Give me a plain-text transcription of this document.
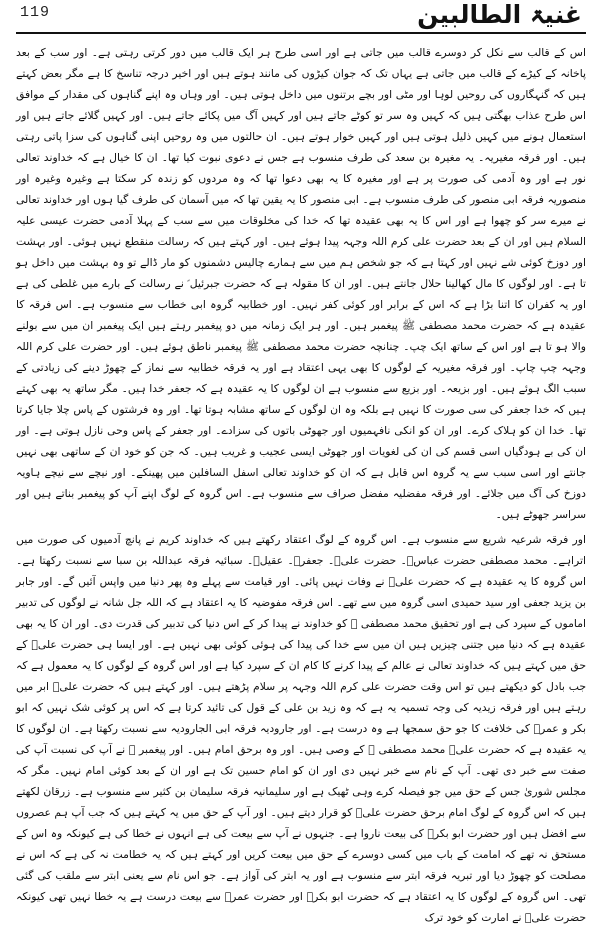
119	غنیۃ الطالبین

اس کے قالب سے نکل کر دوسرے قالب میں جاتی ہے اور اسی طرح ہر ایک قالب میں دور کرتی رہتی ہے۔ اور سب کے بعد پاخانہ کے کیڑے کے قالب میں جاتی ہے یہاں تک کہ جوان کیڑوں کی مانند ہوتے ہیں اور اخیر درجہ تناسخ کا ہے مگر بعض کہتے ہیں کہ گنہگاروں کی روحیں لوہا اور مٹی اور بچے برتنوں میں داخل ہوتی ہیں۔ اور وہاں وہ اپنے گناہوں کی مقدار کے موافق اس طرح عذاب بھگتی ہیں کہ کہیں وہ سر تو کوٹے جاتے ہیں اور کہیں آگ میں پکائے جاتے ہیں۔ اور کہیں گلائے جاتے ہیں اور استعمال ہونے میں کہیں ذلیل ہوتی ہیں اور کہیں خوار ہوتے ہیں۔ ان حالتوں میں وہ روحیں اپنی گناہوں کی سزا پاتی رہتی ہیں۔ اور فرقہ مغیریہ۔ یہ مغیرہ بن سعد کی طرف منسوب ہے جس نے دعوی نبوت کیا تھا۔ ان کا خیال ہے کہ خداوند تعالی نور ہے اور وہ آدمی کی صورت پر ہے اور مغیرہ کا یہ بھی دعوا تھا کہ وہ مردوں کو زندہ کر سکتا ہے وغیرہ وغیرہ اور منصوریہ فرقہ ابی منصور کی طرف منسوب ہے۔ ابی منصور کا یہ یقین تھا کہ میں آسمان کی طرف گیا ہوں اور خداوند تعالی نے میرے سر کو چھوا ہے اور اس کا یہ بھی عقیدہ تھا کہ خدا کی مخلوقات میں سے سب کے پہلا آدمی حضرت عیسی علیہ السلام ہیں اور ان کے بعد حضرت علی کرم اللہ وجہہ پیدا ہوئے ہیں۔ اور کہتے ہیں کہ رسالت منقطع نہیں ہوئی۔ اور بہشت اور دوزخ کوئی شے نہیں اور کہتا ہے کہ جو شخص ہم میں سے ہمارے چالیس دشمنوں کو مار ڈالے تو وہ بہشت میں داخل ہو تا ہے۔ اور لوگوں کا مال کھالینا حلال جانتے ہیں۔ اور ان کا مقولہ ہے کہ حضرت جبرئیل ؑ نے رسالت کے بارے میں غلطی کی ہے اور یہ کفران کا اتنا بڑا ہے کہ اس کے برابر اور کوئی کفر نہیں۔ اور خطابیہ گروہ ابی خطاب سے منسوب ہے۔ اس فرقہ کا عقیدہ ہے کہ حضرت محمد مصطفی ﷺ پیغمبر ہیں۔ اور ہر ایک زمانہ میں دو پیغمبر رہتے ہیں ایک پیغمبر ان میں سے بولنے والا ہو تا ہے اور اس کے ساتھ ایک چپ۔ چنانچہ حضرت محمد مصطفی ﷺ پیغمبر ناطق ہوئے ہیں۔ اور حضرت علی کرم اللہ وجہہ چپ چاپ۔ اور فرقہ مغیریہ کے لوگوں کا بھی یہی اعتقاد ہے اور یہ فرقہ خطابیہ سے نماز کے چھوڑ دینے کی زیادتی کے سبب الگ ہوئے ہیں۔ اور بزیعہ۔ اور بزیع سے منسوب ہے ان لوگوں کا یہ عقیدہ ہے کہ جعفر خدا ہیں۔ مگر ساتھ یہ بھی کہتے ہیں کہ خدا جعفر کی سی صورت کا نہیں ہے بلکہ وہ ان لوگوں کے ساتھ مشابہ ہوتا تھا۔ اور وہ فرشتوں کے پاس چلا جایا کرتا تھا۔ خدا ان کو ہلاک کرے۔ اور ان کو انکی نافہمیوں اور جھوٹی باتوں کی سزادے۔ اور جعفر کے پاس وحی نازل ہوتی ہے۔ اور ان کی بے ہودگیاں اسی قسم کی ان کی لغویات اور جھوٹی ایسی عجیب و غریب ہیں۔ کہ جن کو خود ان کے ساتھی بھی نہیں جانتے اور اسی سبب سے یہ گروہ اس قابل ہے کہ ان کو خداوند تعالی اسفل السافلین میں پھینکے۔ اور نیچے سے نیچے ہاویہ دوزخ کی آگ میں جلائے۔ اور فرقہ مفضلیہ مفضل صراف سے منسوب ہے۔ اس گروہ کے لوگ اپنے آپ کو پیغمبر بناتے ہیں اور سراسر جھوٹے ہیں۔

اور فرقہ شرعیہ شریع سے منسوب ہے۔ اس گروہ کے لوگ اعتقاد رکھتے ہیں کہ خداوند کریم نے پانچ آدمیوں کی صورت میں اتراہے۔ محمد مصطفی حضرت عباسؓ۔ حضرت علیؓ۔ جعفرؓ۔ عقیلؓ۔ سبائیہ فرقہ عبداللہ بن سبا سے نسبت رکھتا ہے۔ اس گروہ کا یہ عقیدہ ہے کہ حضرت علیؓ نے وفات نہیں پائی۔ اور قیامت سے پہلے وہ پھر دنیا میں واپس آئیں گے۔ اور جابر بن یزید جعفی اور سید حمیدی اسی گروہ میں سے تھے۔ اس فرقہ مفوضیہ کا یہ اعتقاد ہے کہ اللہ جل شانہ نے لوگوں کی تدبیر اماموں کے سپرد کی ہے اور تحقیق محمد مصطفی ﷺ کو خداوند نے پیدا کر کے اس دنیا کی تدبیر کی قدرت دی۔ اور ان کا یہ بھی عقیدہ ہے کہ دنیا میں جتنی چیزیں ہیں ان میں سے خدا کی پیدا کی ہوئی کوئی بھی نہیں ہے۔ اور ایسا ہی حضرت علیؓ کے حق میں کہتے ہیں کہ خداوند تعالی نے عالم کے پیدا کرنے کا کام ان کے سپرد کیا ہے اور اس گروہ کے لوگوں کا یہ معمول ہے کہ جب بادل کو دیکھتے ہیں تو اس وقت حضرت علی کرم اللہ وجہہ پر سلام پڑھتے ہیں۔ اور کہتے ہیں کہ حضرت علیؓ ابر میں رہتے ہیں اور فرقہ زیدیہ کی وجہ تسمیہ یہ ہے کہ وہ زید بن علی کے قول کی تائید کرتا ہے کہ اس پر کوئی شک نہیں کہ ابو بکر و عمرؓ کی خلافت کا جو حق سمجھا ہے وہ درست ہے۔ اور جارودیہ فرقہ ابی الجارودیہ سے نسبت رکھتا ہے۔ ان لوگوں کا یہ عقیدہ ہے کہ حضرت علیؓ محمد مصطفی ﷺ کے وصی ہیں۔ اور وہ برحق امام ہیں۔ اور پیغمبر ﷺ نے آپ کی نسبت آپ کی صفت سے خبر دی تھی۔ آپ کے نام سے خبر نہیں دی اور ان کو امام حسین تک ہے اور ان کے بعد کوئی امام نہیں۔ مگر کہ مجلس شوریٰ جس کے حق میں جو فیصلہ کرے وہی ٹھیک ہے اور سلیمانیہ فرقہ سلیمان بن کثیر سے منسوب ہے۔ زرقان لکھتے ہیں کہ اس گروہ کے لوگ امام برحق حضرت علیؓ کو قرار دیتے ہیں۔ اور آپ کے حق میں یہ کہتے ہیں کہ جب آپ ہم عصروں سے افضل ہیں اور حضرت ابو بکرؓ کی بیعت ناروا ہے۔ جنہوں نے آپ سے بیعت کی ہے انہوں نے خطا کی ہے کیونکہ وہ اس کے مستحق نہ تھے کہ امامت کے باب میں کسی دوسرے کے حق میں بیعت کریں اور کہتے ہیں کہ یہ خطامت نہ کی ہے کہ اس نے مصلحت کو چھوڑ دیا اور تبریہ فرقہ ابتر سے منسوب ہے اور یہ ابتر کی آواز ہے۔ جو اس نام سے یعنی ابتر سے ملقب کی گئی تھی۔ اس گروہ کے لوگوں کا یہ اعتقاد ہے کہ حضرت ابو بکرؓ اور حضرت عمرؓ سے بیعت درست ہے یہ خطا نہیں تھی کیونکہ حضرت علیؓ نے امارت کو خود ترک
